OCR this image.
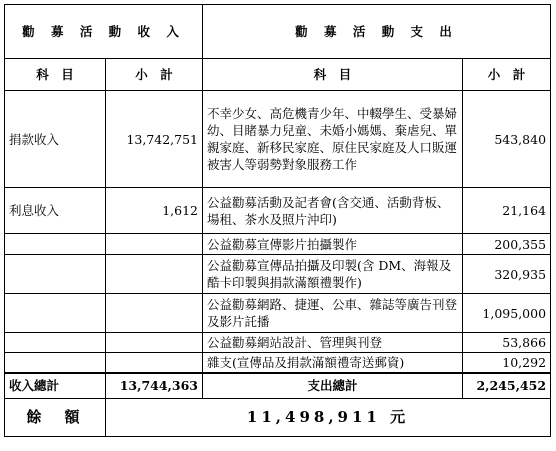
勸 募 活 動 收 入		勸 募 活 動 支 出	
科　目	小　計	科　目	小　計
捐款收入	13,742,751	不幸少女、高危機青少年、中輟學生、受暴婦幼、目睹暴力兒童、未婚小媽媽、棄虐兒、單親家庭、新移民家庭、原住民家庭及人口販運被害人等弱勢對象服務工作	543,840
利息收入	1,612	公益勸募活動及記者會(含交通、活動背板、場租、茶水及照片沖印)	21,164
		公益勸募宣傳影片拍攝製作	200,355
		公益勸募宣傳品拍攝及印製(含 DM、海報及酷卡印製與捐款滿額禮製作)	320,935
		公益勸募網路、捷運、公車、雜誌等廣告刊登及影片託播	1,095,000
		公益勸募網站設計、管理與刊登	53,866
		雜支(宣傳品及捐款滿額禮寄送郵資)	10,292
收入總計	13,744,363	支出總計	2,245,452
餘　額	11,498,911 元		
